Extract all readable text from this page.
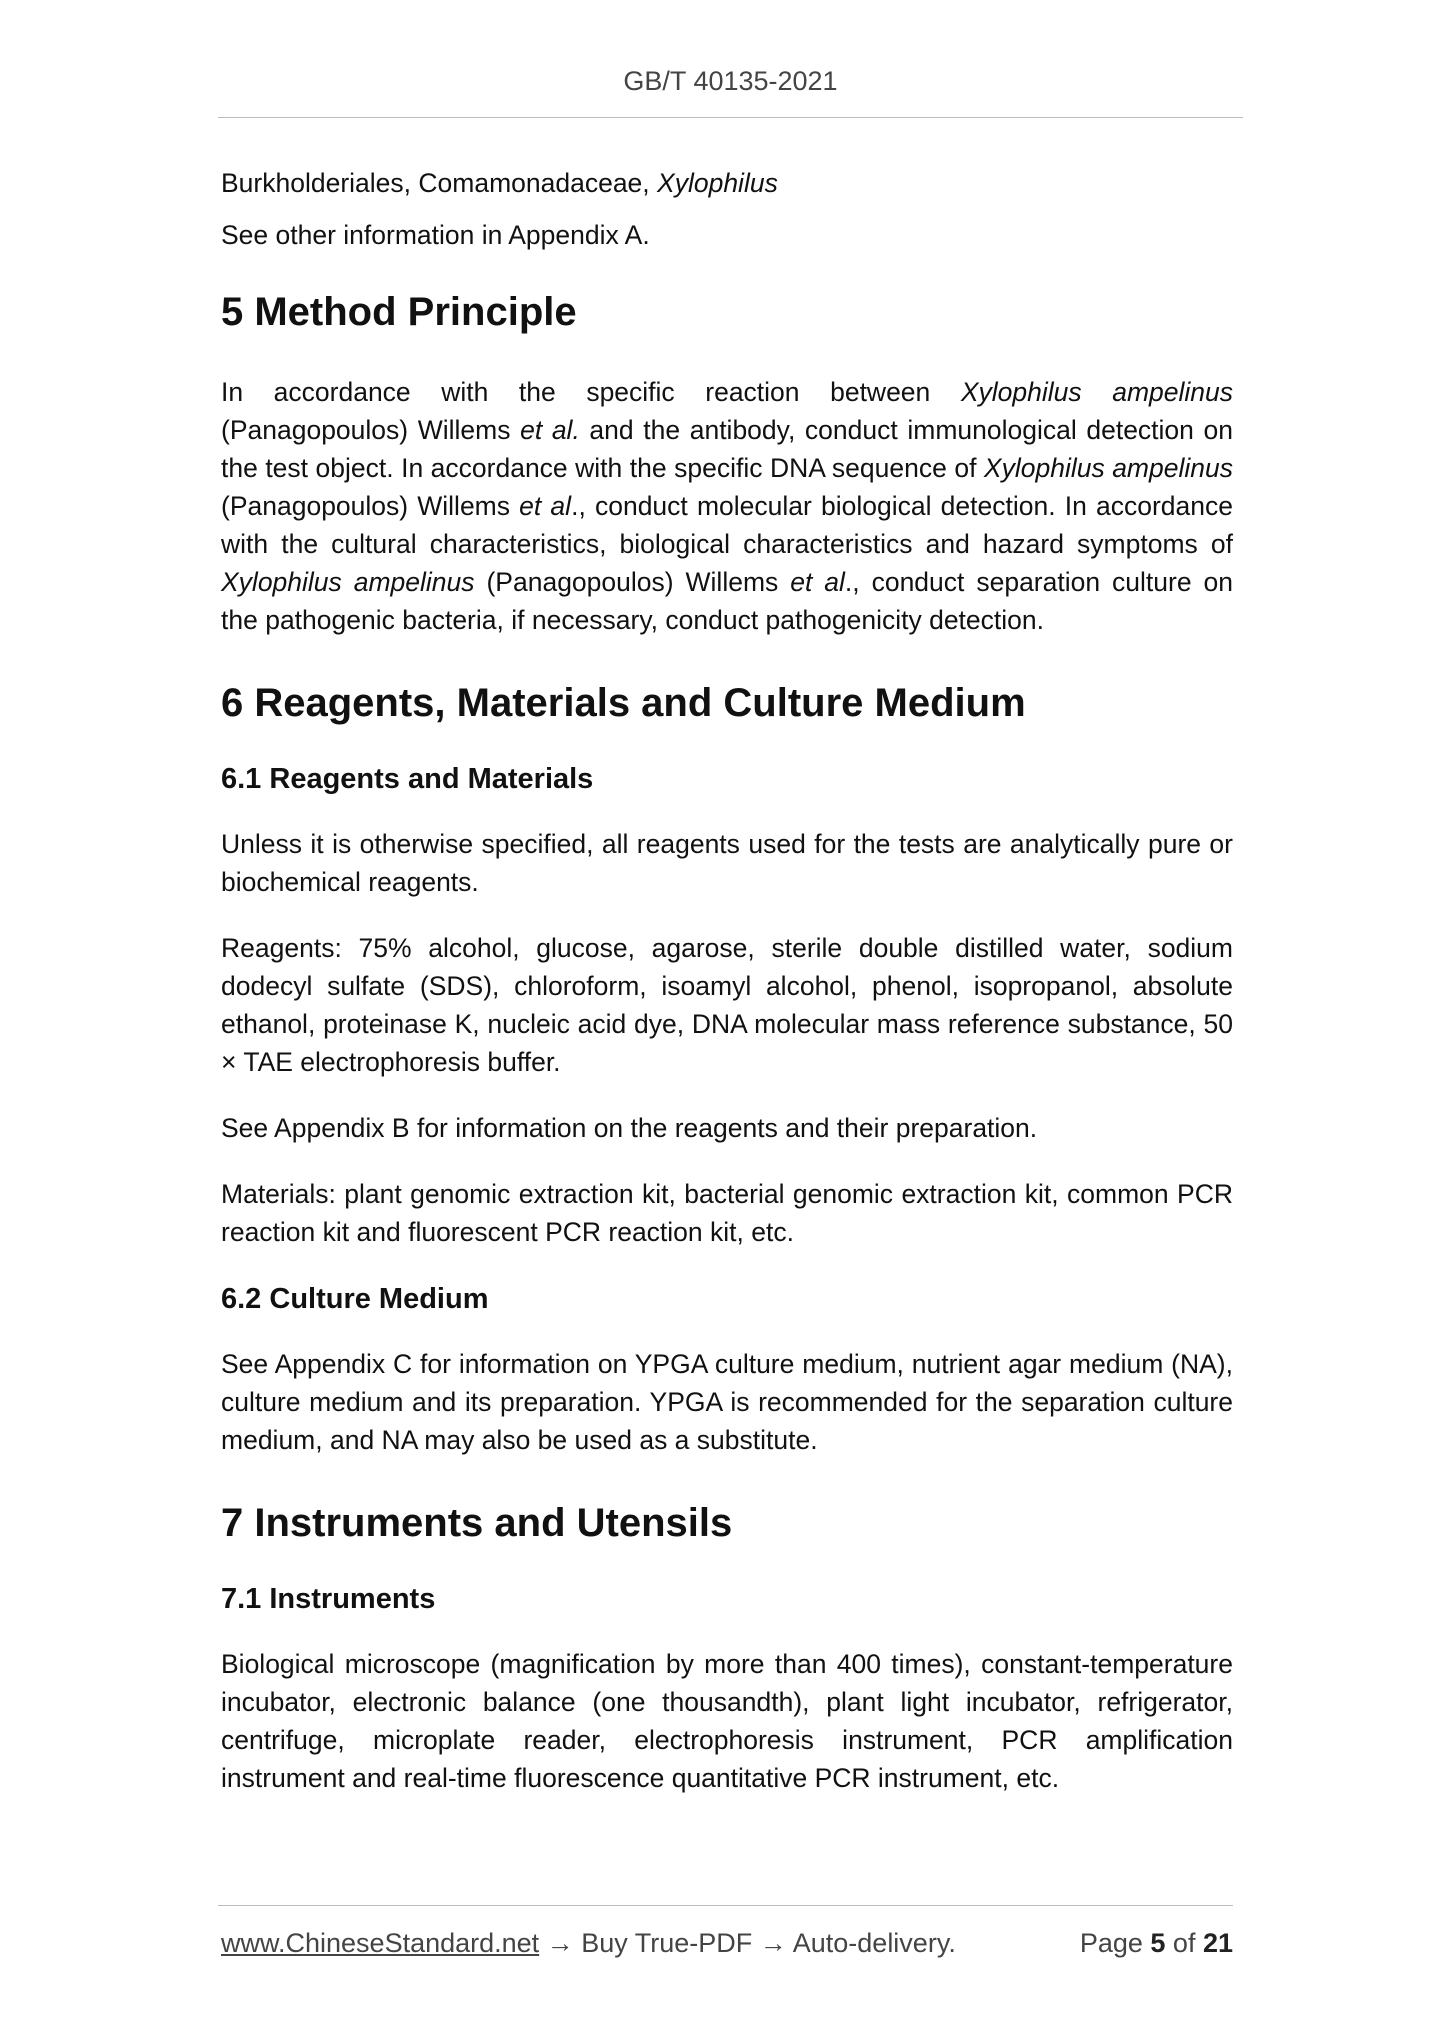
GB/T 40135-2021

Burkholderiales, Comamonadaceae, Xylophilus

See other information in Appendix A.

5 Method Principle

In accordance with the specific reaction between Xylophilus ampelinus (Panagopoulos) Willems et al. and the antibody, conduct immunological detection on the test object. In accordance with the specific DNA sequence of Xylophilus ampelinus (Panagopoulos) Willems et al., conduct molecular biological detection. In accordance with the cultural characteristics, biological characteristics and hazard symptoms of Xylophilus ampelinus (Panagopoulos) Willems et al., conduct separation culture on the pathogenic bacteria, if necessary, conduct pathogenicity detection.

6 Reagents, Materials and Culture Medium
6.1 Reagents and Materials

Unless it is otherwise specified, all reagents used for the tests are analytically pure or biochemical reagents.

Reagents: 75% alcohol, glucose, agarose, sterile double distilled water, sodium dodecyl sulfate (SDS), chloroform, isoamyl alcohol, phenol, isopropanol, absolute ethanol, proteinase K, nucleic acid dye, DNA molecular mass reference substance, 50 × TAE electrophoresis buffer.

See Appendix B for information on the reagents and their preparation.

Materials: plant genomic extraction kit, bacterial genomic extraction kit, common PCR reaction kit and fluorescent PCR reaction kit, etc.

6.2 Culture Medium

See Appendix C for information on YPGA culture medium, nutrient agar medium (NA), culture medium and its preparation. YPGA is recommended for the separation culture medium, and NA may also be used as a substitute.

7 Instruments and Utensils
7.1 Instruments

Biological microscope (magnification by more than 400 times), constant-temperature incubator, electronic balance (one thousandth), plant light incubator, refrigerator, centrifuge, microplate reader, electrophoresis instrument, PCR amplification instrument and real-time fluorescence quantitative PCR instrument, etc.

www.ChineseStandard.net → Buy True-PDF → Auto-delivery.	Page 5 of 21
